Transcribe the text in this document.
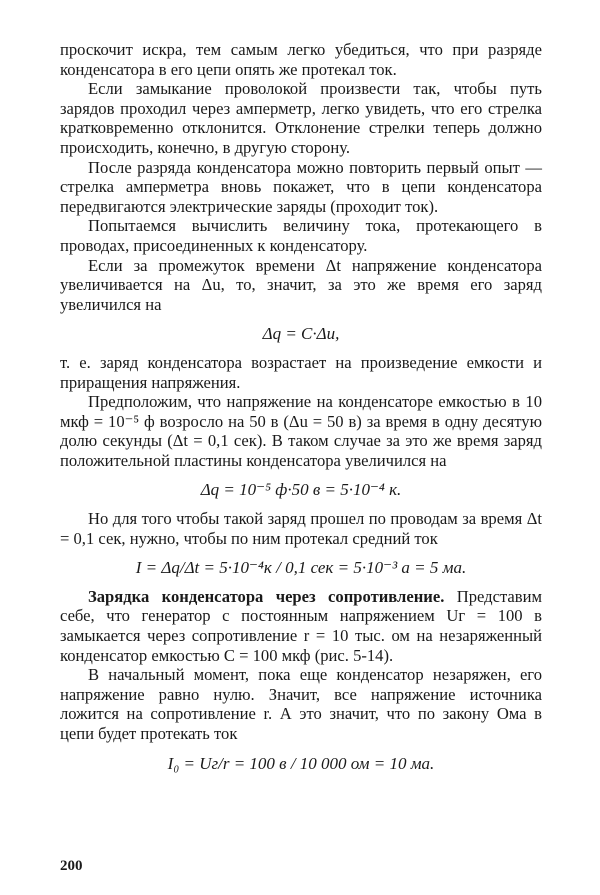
проскочит искра, тем самым легко убедиться, что при разряде конденсатора в его цепи опять же протекал ток.

Если замыкание проволокой произвести так, чтобы путь зарядов проходил через амперметр, легко увидеть, что его стрелка кратковременно отклонится. Отклонение стрелки теперь должно происходить, конечно, в другую сторону.

После разряда конденсатора можно повторить первый опыт — стрелка амперметра вновь покажет, что в цепи конденсатора передвигаются электрические заряды (проходит ток).

Попытаемся вычислить величину тока, протекающего в проводах, присоединенных к конденсатору.

Если за промежуток времени Δt напряжение конденсатора увеличивается на Δu, то, значит, за это же время его заряд увеличился на

Δq = C·Δu,

т. е. заряд конденсатора возрастает на произведение емкости и приращения напряжения.

Предположим, что напряжение на конденсаторе емкостью в 10 мкф = 10⁻⁵ ф возросло на 50 в (Δu = 50 в) за время в одну десятую долю секунды (Δt = 0,1 сек). В таком случае за это же время заряд положительной пластины конденсатора увеличился на

Δq = 10⁻⁵ ф·50 в = 5·10⁻⁴ к.

Но для того чтобы такой заряд прошел по проводам за время Δt = 0,1 сек, нужно, чтобы по ним протекал средний ток

I = Δq/Δt = 5·10⁻⁴к / 0,1 сек = 5·10⁻³ а = 5 ма.

Зарядка конденсатора через сопротивление. Представим себе, что генератор с постоянным напряжением Uг = 100 в замыкается через сопротивление r = 10 тыс. ом на незаряженный конденсатор емкостью C = 100 мкф (рис. 5-14).

В начальный момент, пока еще конденсатор незаряжен, его напряжение равно нулю. Значит, все напряжение источника ложится на сопротивление r. А это значит, что по закону Ома в цепи будет протекать ток

I₀ = Uг/r = 100 в / 10 000 ом = 10 ма.
200
